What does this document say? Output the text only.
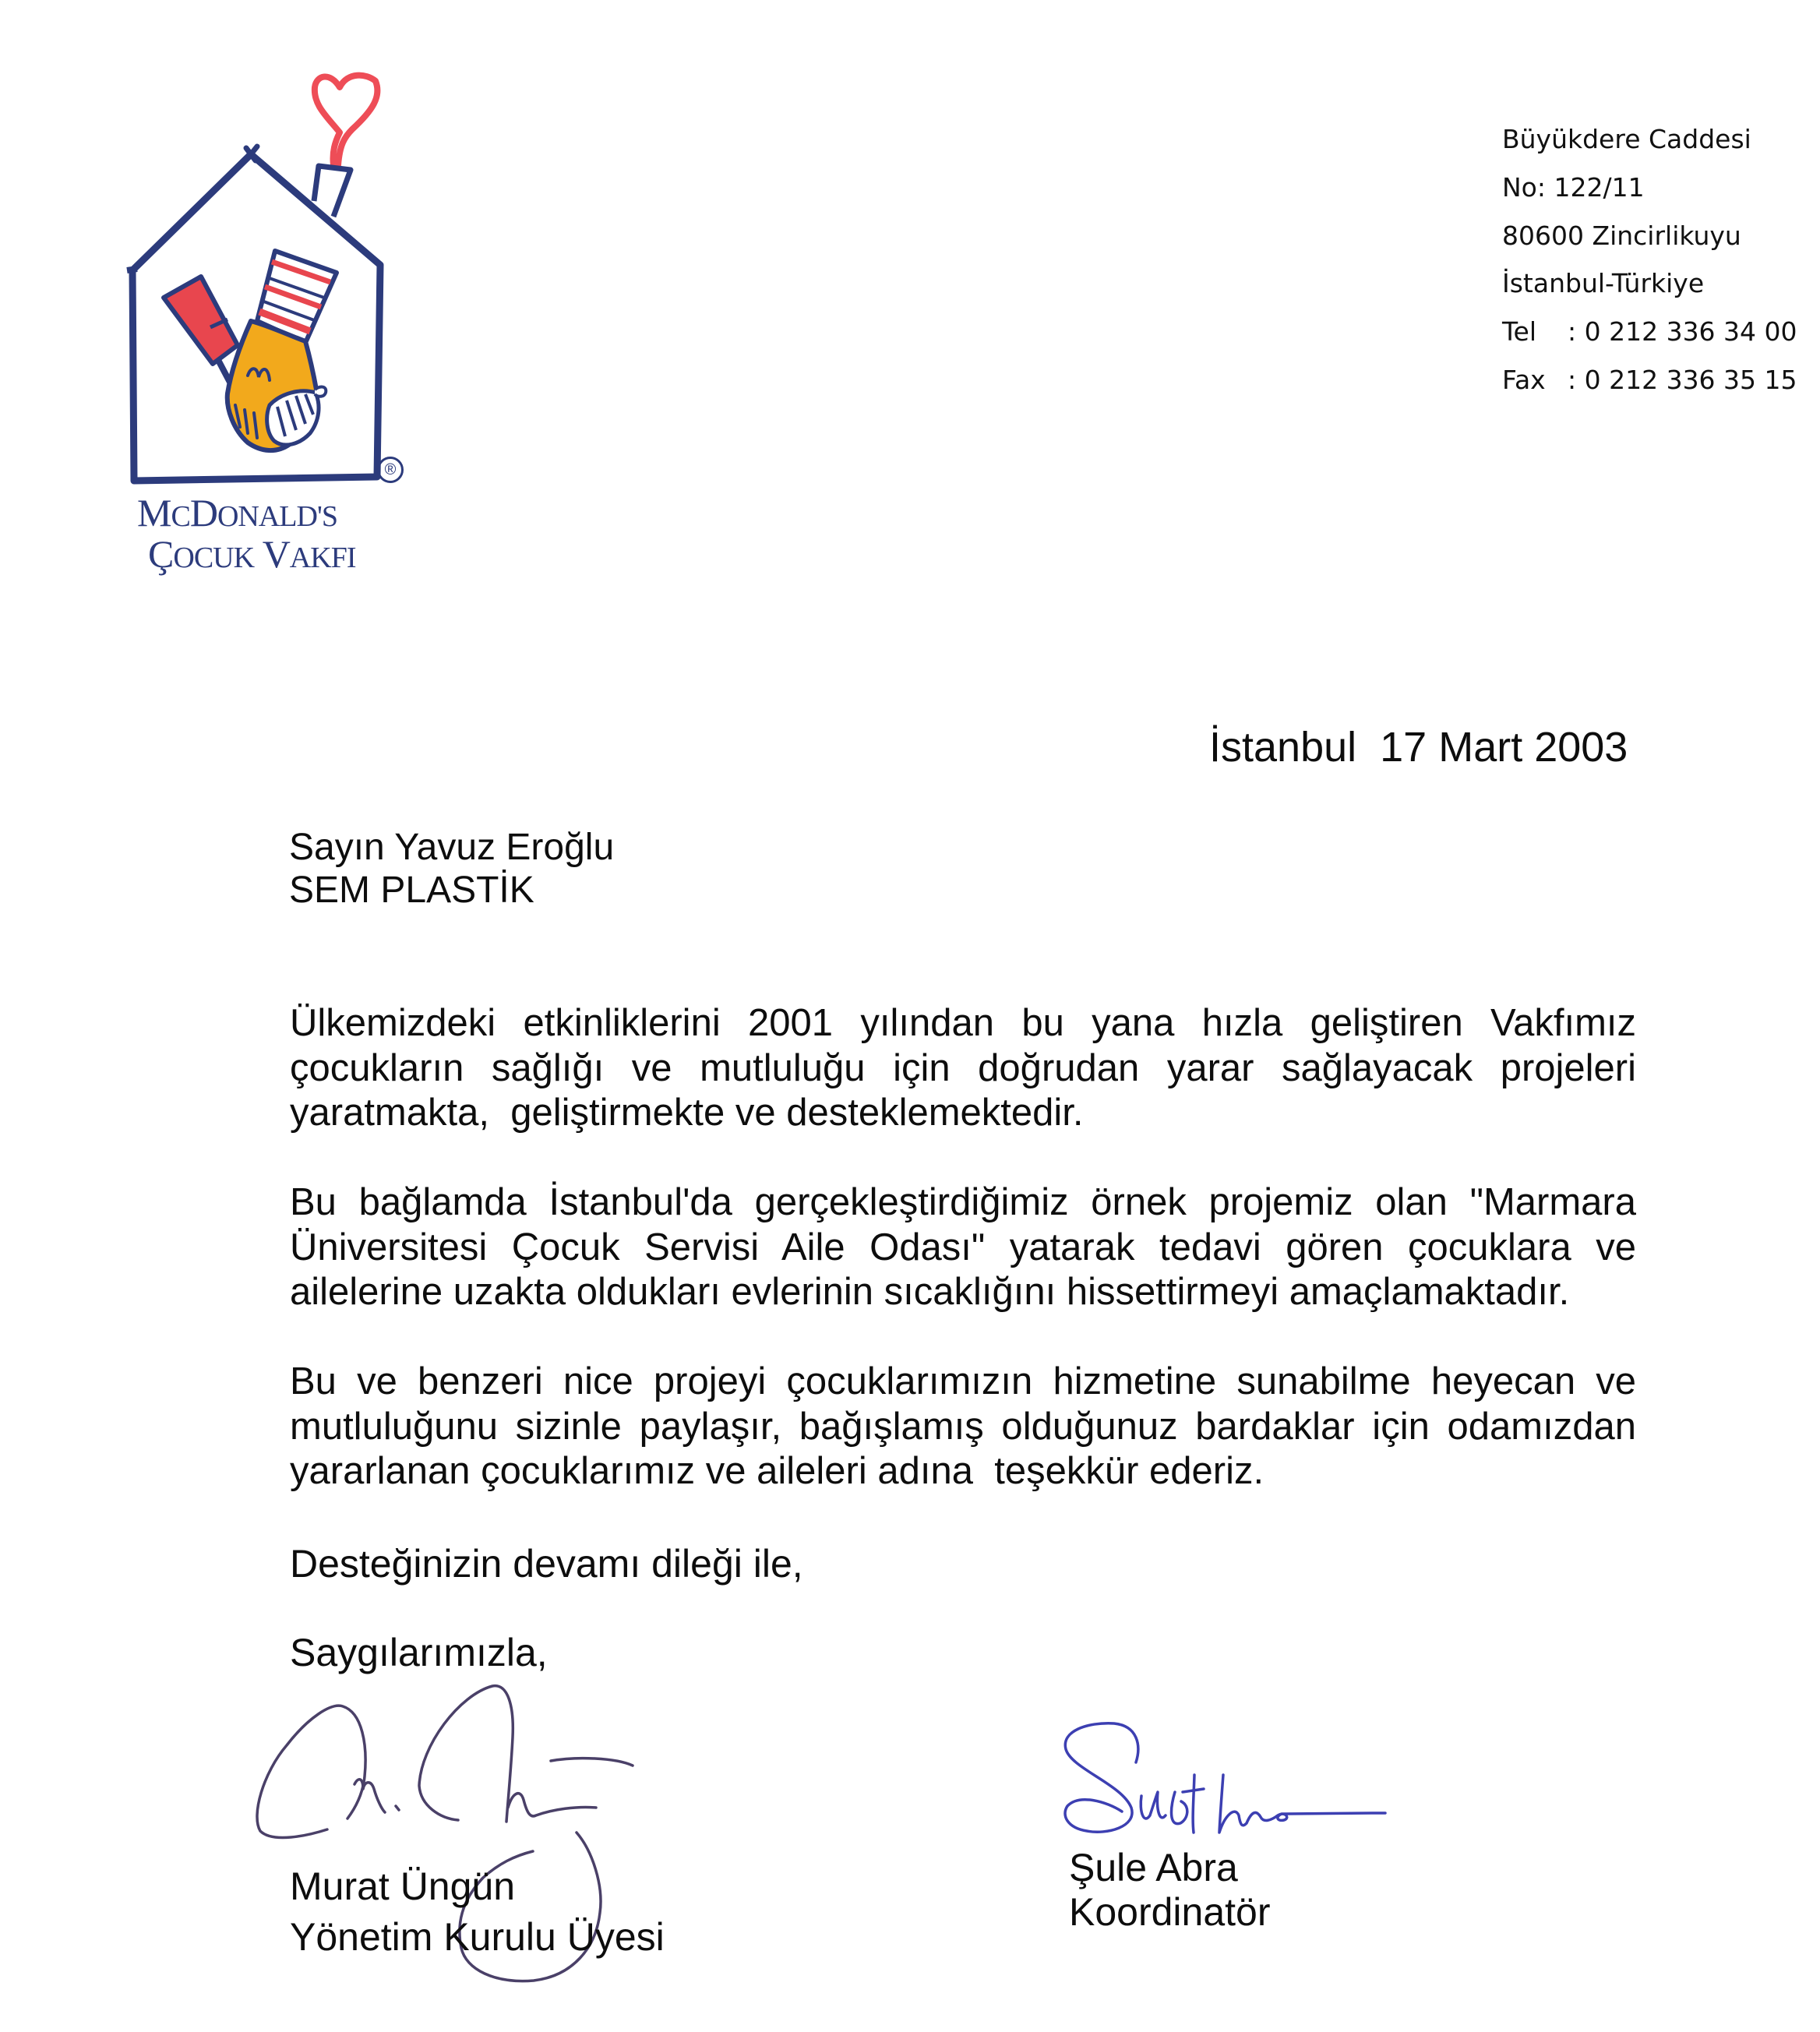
®
MCDONALD'S
ÇOCUK VAKFI
Büyükdere Caddesi
No: 122/11
80600 Zincirlikuyu
İstanbul-Türkiye
Tel : 0 212 336 34 00
Fax : 0 212 336 35 15
İstanbul  17 Mart 2003
Sayın Yavuz Eroğlu
SEM PLASTİK
Ülkemizdeki etkinliklerini 2001 yılından bu yana hızla geliştiren Vakfımız
çocukların sağlığı ve mutluluğu için doğrudan yarar sağlayacak projeleri
yaratmakta,  geliştirmekte ve desteklemektedir.
Bu bağlamda İstanbul'da gerçekleştirdiğimiz örnek projemiz olan "Marmara
Üniversitesi Çocuk Servisi Aile Odası" yatarak tedavi gören çocuklara ve
ailelerine uzakta oldukları evlerinin sıcaklığını hissettirmeyi amaçlamaktadır.
Bu ve benzeri nice projeyi çocuklarımızın hizmetine sunabilme heyecan ve
mutluluğunu sizinle paylaşır, bağışlamış olduğunuz bardaklar için odamızdan
yararlanan çocuklarımız ve aileleri adına  teşekkür ederiz.
Desteğinizin devamı dileği ile,
Saygılarımızla,
Murat Üngün
Yönetim Kurulu Üyesi
Şule Abra
Koordinatör
